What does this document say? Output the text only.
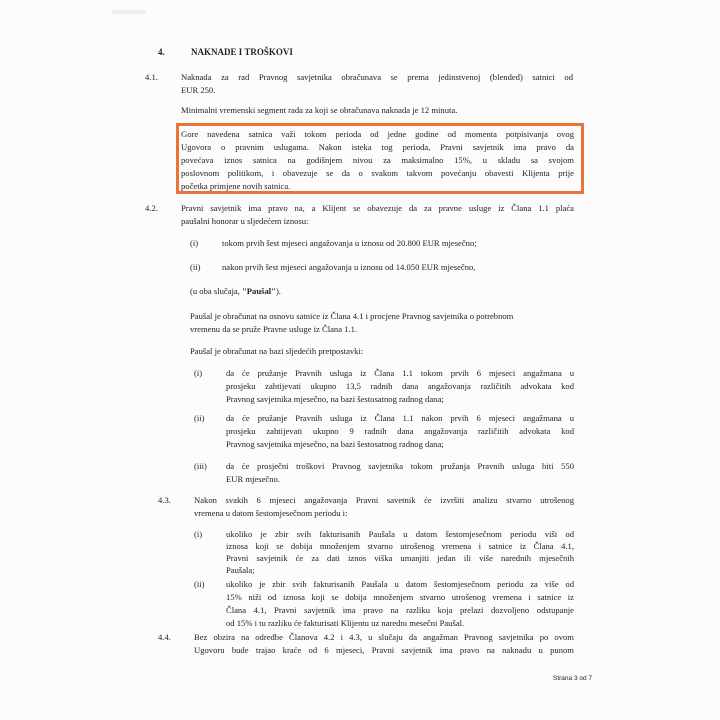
4.	NAKNADE I TROŠKOVI
4.1.	Naknada za rad Pravnog savjetnika obračunava se prema jedinstvenoj (blended) satnici od
EUR 250.
Minimalni vremenski segment rada za koji se obračunava naknada je 12 minuta.
Gore navedena satnica važi tokom perioda od jedne godine od momenta potpisivanja ovog
Ugovora o pravnim uslugama. Nakon isteka tog perioda, Pravni savjetnik ima pravo da
povećava iznos satnica na godišnjem nivou za maksimalno 15%, u skladu sa svojom
poslovnom politikom, i obavezuje se da o svakom takvom povećanju obavesti Klijenta prije
početka primjene novih satnica.
4.2.	Pravni savjetnik ima pravo na, a Klijent se obavezuje da za pravne usluge iz Člana 1.1 plaća
paušalni honorar u sljedećem iznosu:
(i)	tokom prvih šest mjeseci angažovanja u iznosu od 20.800 EUR mjesečno;
(ii)	nakon prvih šest mjeseci angažovanja u iznosu od 14.050 EUR mjesečno,
(u oba slučaja, "Paušal").
Paušal je obračunat na osnovu satnice iz Člana 4.1 i procjene Pravnog savjetnika o potrebnom
vremenu da se pruže Pravne usluge iz Člana 1.1.
Paušal je obračunat na bazi sljedećih pretpostavki:
(i)	da će pružanje Pravnih usluga iz Člana 1.1 tokom prvih 6 mjeseci angažmana u
prosjeku zahtijevati ukupno 13,5 radnih dana angažovanja različitih advokata kod
Pravnog savjetnika mjesečno, na bazi šestosatnog radnog dana;
(ii)	da će pružanje Pravnih usluga iz Člana 1.1 nakon prvih 6 mjeseci angažmana u
prosjeku zahtijevati ukupno 9 radnih dana angažovanja različitih advokata kod
Pravnog savjetnika mjesečno, na bazi šestosatnog radnog dana;
(iii) da će prosječni troškovi Pravnog savjetnika tokom pružanja Pravnih usluga biti 550
EUR mjesečno.
4.3.	Nakon svakih 6 mjeseci angažovanja Pravni savetnik će izvršiti analizu stvarno utrošenog
vremena u datom šestomjesečnom periodu i:
(i)	ukoliko je zbir svih fakturisanih Paušala u datom šestomjesečnom periodu viši od
iznosa koji se dobija množenjem stvarno utrošenog vremena i satnice iz Člana 4.1,
Pravni savjetnik će za dati iznos viška umanjiti jedan ili više narednih mjesečnih
Paušala;
(ii)	ukoliko je zbir svih fakturisanih Paušala u datom šestomjesečnom periodu za više od
15% niži od iznosa koji se dobija množenjem stvarno utrošenog vremena i satnice iz
Člana 4.1, Pravni savjetnik ima pravo na razliku koja prelazi dozvoljeno odstupanje
od 15% i tu razliku će fakturisati Klijentu uz narednı mesečni Paušal.
4.4.	Bez obzira na odredbe Članova 4.2 i 4.3, u slučaju da angažman Pravnog savjetnika po ovom
Ugovoru bude trajao kraće od 6 mjeseci, Pravni savjetnik ima pravo na naknadu u punom
Strana 3 od 7
